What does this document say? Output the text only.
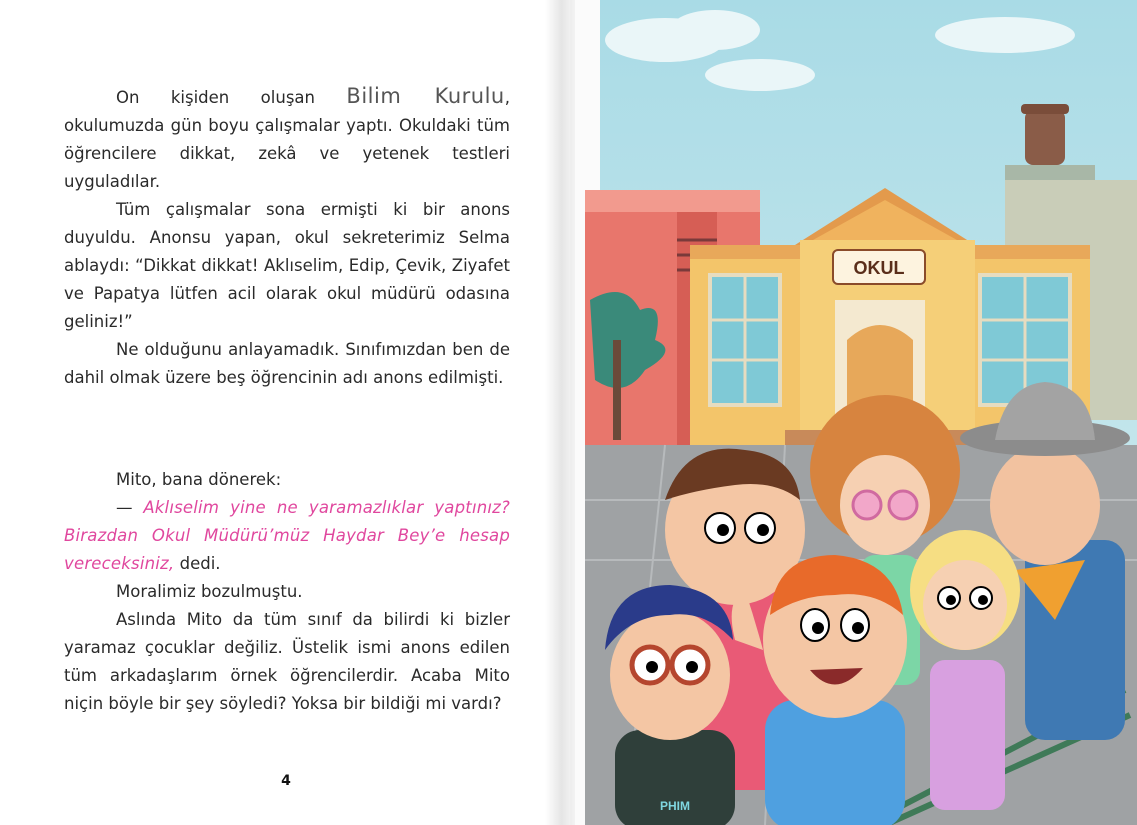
On kişiden oluşan Bilim Kurulu, okulumuzda gün boyu çalışmalar yaptı. Okuldaki tüm öğrencilere dikkat, zekâ ve yetenek testleri uyguladılar.

Tüm çalışmalar sona ermişti ki bir anons duyuldu. Anonsu yapan, okul sekreterimiz Selma ablaydı: “Dikkat dikkat! Aklıselim, Edip, Çevik, Ziyafet ve Papatya lütfen acil olarak okul müdürü odasına geliniz!”

Ne olduğunu anlayamadık. Sınıfımızdan ben de dahil olmak üzere beş öğrencinin adı anons edilmişti.

Mito, bana dönerek:

— Aklıselim yine ne yaramazlıklar yaptınız? Birazdan Okul Müdürü’müz Haydar Bey’e hesap vereceksiniz, dedi.

Moralimiz bozulmuştu.

Aslında Mito da tüm sınıf da bilirdi ki bizler yaramaz çocuklar değiliz. Üstelik ismi anons edilen tüm arkadaşlarım örnek öğrencilerdir. Acaba Mito niçin böyle bir şey söyledi? Yoksa bir bildiği mi vardı?

4
OKUL
PHIM
